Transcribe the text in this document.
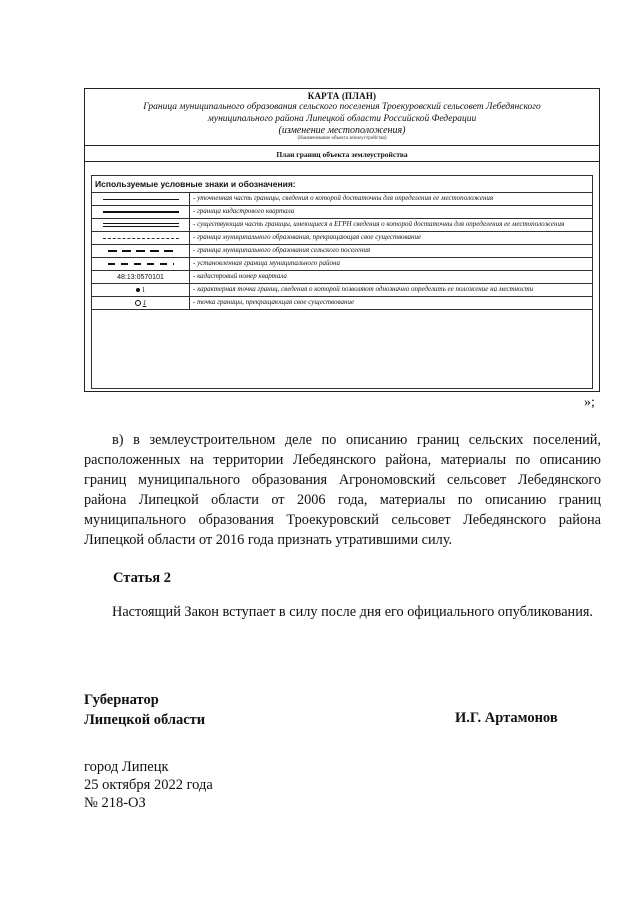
КАРТА (ПЛАН)
Граница муниципального образования сельского поселения Троекуровский сельсовет Лебедянского
муниципального района Липецкой области Российской Федерации
(изменение местоположения)
(Наименование объекта землеустройства)
План границ объекта землеустройства
Используемые условные знаки и обозначения:
	- уточненная часть границы, сведения о которой достаточны для определения ее местоположения
	- граница кадастрового квартала
	- существующая часть границы, имеющиеся в ЕГРН сведения о которой достаточны для определения ее местоположения
	- граница муниципального образования, прекращающая свое существование
	- граница муниципального образования сельского поселения
	- установленная граница муниципального района
48:13:0570101	- кадастровый номер квартала
1	- характерная точка границ, сведения о которой позволяют однозначно определить ее положение на местности
1	- точка границы, прекращающая свое существование
»;
в) в землеустроительном деле по описанию границ сельских поселений, расположенных на территории Лебедянского района, материалы по описанию границ муниципального образования Агрономовский сельсовет Лебедянского района Липецкой области от 2006 года, материалы по описанию границ муниципального образования Троекуровский сельсовет Лебедянского района Липецкой области от 2016 года признать утратившими силу.
Статья 2
Настоящий Закон вступает в силу после дня его официального опубликования.
Губернатор
Липецкой области	И.Г. Артамонов
город Липецк
25 октября 2022 года
№ 218-ОЗ
